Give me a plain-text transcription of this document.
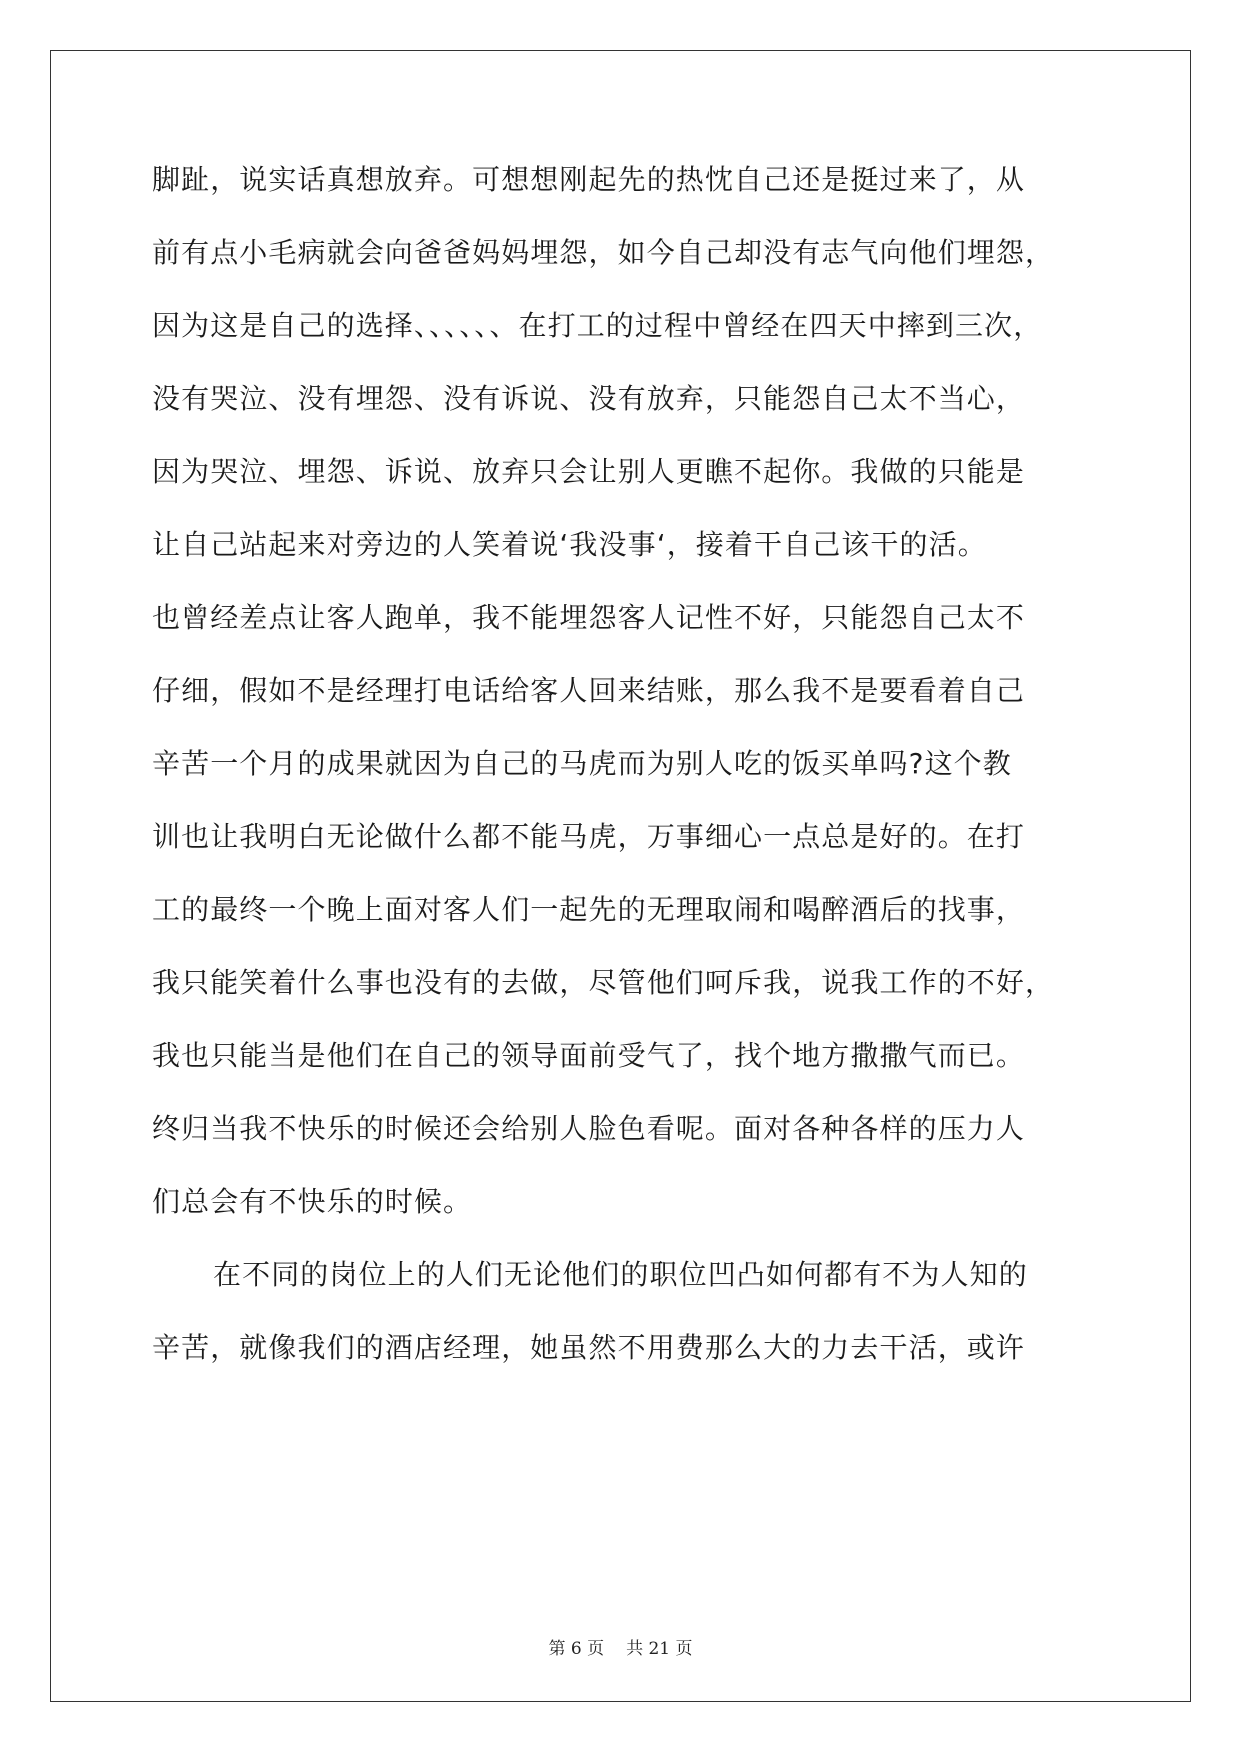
脚趾，说实话真想放弃。可想想刚起先的热忱自己还是挺过来了，从
前有点小毛病就会向爸爸妈妈埋怨，如今自己却没有志气向他们埋怨，
因为这是自己的选择、、、、、、在打工的过程中曾经在四天中摔到三次，
没有哭泣、没有埋怨、没有诉说、没有放弃，只能怨自己太不当心，
因为哭泣、埋怨、诉说、放弃只会让别人更瞧不起你。我做的只能是
让自己站起来对旁边的人笑着说‘我没事‘，接着干自己该干的活。
也曾经差点让客人跑单，我不能埋怨客人记性不好，只能怨自己太不
仔细，假如不是经理打电话给客人回来结账，那么我不是要看着自己
辛苦一个月的成果就因为自己的马虎而为别人吃的饭买单吗?这个教
训也让我明白无论做什么都不能马虎，万事细心一点总是好的。在打
工的最终一个晚上面对客人们一起先的无理取闹和喝醉酒后的找事，
我只能笑着什么事也没有的去做，尽管他们呵斥我，说我工作的不好，
我也只能当是他们在自己的领导面前受气了，找个地方撒撒气而已。
终归当我不快乐的时候还会给别人脸色看呢。面对各种各样的压力人
们总会有不快乐的时候。
在不同的岗位上的人们无论他们的职位凹凸如何都有不为人知的
辛苦，就像我们的酒店经理，她虽然不用费那么大的力去干活，或许
第 6 页 共 21 页
